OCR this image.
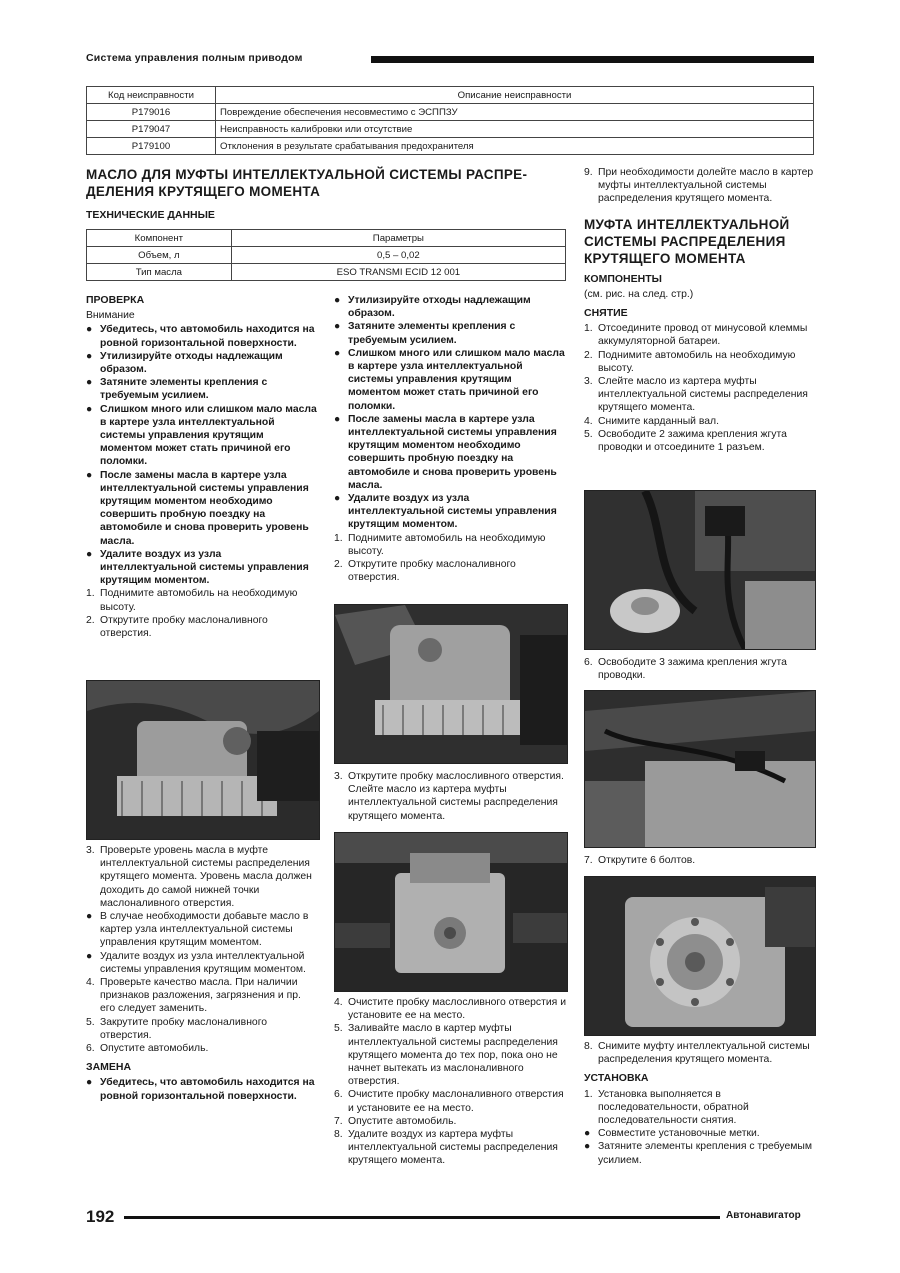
Система управления полным приводом
Код неисправности	Описание неисправности
P179016	Повреждение обеспечения несовместимо с ЭСППЗУ
P179047	Неисправность калибровки или отсутствие
P179100	Отклонения в результате срабатывания предохранителя
МАСЛО ДЛЯ МУФТЫ ИНТЕЛЛЕКТУАЛЬНОЙ СИСТЕМЫ РАСПРЕ-
ДЕЛЕНИЯ КРУТЯЩЕГО МОМЕНТА
ТЕХНИЧЕСКИЕ ДАННЫЕ
Компонент	Параметры
Объем, л	0,5 – 0,02
Тип масла	ESO TRANSMI ECID 12 001
ПРОВЕРКА

Внимание

● Убедитесь, что автомобиль находится на ровной горизонтальной поверхности.
● Утилизируйте отходы надлежащим образом.
● Затяните элементы крепления с требуемым усилием.
● Слишком много или слишком мало масла в картере узла интеллектуальной системы управления крутящим моментом может стать причиной его поломки.
● После замены масла в картере узла интеллектуальной системы управления крутящим моментом необходимо совершить пробную поездку на автомобиле и снова проверить уровень масла.
● Удалите воздух из узла интеллектуальной системы управления крутящим моментом.
1. Поднимите автомобиль на необходимую высоту.
2. Открутите пробку маслоналивного отверстия.
3. Проверьте уровень масла в муфте интеллектуальной системы распределения крутящего момента. Уровень масла должен доходить до самой нижней точки маслоналивного отверстия.
● В случае необходимости добавьте масло в картер узла интеллектуальной системы управления крутящим моментом.
● Удалите воздух из узла интеллектуальной системы управления крутящим моментом.
4. Проверьте качество масла. При наличии признаков разложения, загрязнения и пр. его следует заменить.
5. Закрутите пробку маслоналивного отверстия.
6. Опустите автомобиль.
ЗАМЕНА
● Убедитесь, что автомобиль находится на ровной горизонтальной поверхности.
● Утилизируйте отходы надлежащим образом.
● Затяните элементы крепления с требуемым усилием.
● Слишком много или слишком мало масла в картере узла интеллектуальной системы управления крутящим моментом может стать причиной его поломки.
● После замены масла в картере узла интеллектуальной системы управления крутящим моментом необходимо совершить пробную поездку на автомобиле и снова проверить уровень масла.
● Удалите воздух из узла интеллектуальной системы управления крутящим моментом.
1. Поднимите автомобиль на необходимую высоту.
2. Открутите пробку маслоналивного отверстия.
3. Открутите пробку маслосливного отверстия. Слейте масло из картера муфты интеллектуальной системы распределения крутящего момента.
4. Очистите пробку маслосливного отверстия и установите ее на место.
5. Заливайте масло в картер муфты интеллектуальной системы распределения крутящего момента до тех пор, пока оно не начнет вытекать из маслоналивного отверстия.
6. Очистите пробку маслоналивного отверстия и установите ее на место.
7. Опустите автомобиль.
8. Удалите воздух из картера муфты интеллектуальной системы распределения крутящего момента.
9. При необходимости долейте масло в картер муфты интеллектуальной системы распределения крутящего момента.
МУФТА ИНТЕЛЛЕКТУАЛЬНОЙ
СИСТЕМЫ РАСПРЕДЕЛЕНИЯ
КРУТЯЩЕГО МОМЕНТА
КОМПОНЕНТЫ

(см. рис. на след. стр.)

СНЯТИЕ
1. Отсоедините провод от минусовой клеммы аккумуляторной батареи.
2. Поднимите автомобиль на необходимую высоту.
3. Слейте масло из картера муфты интеллектуальной системы распределения крутящего момента.
4. Снимите карданный вал.
5. Освободите 2 зажима крепления жгута проводки и отсоедините 1 разъем.
6. Освободите 3 зажима крепления жгута проводки.
7. Открутите 6 болтов.
8. Снимите муфту интеллектуальной системы распределения крутящего момента.
УСТАНОВКА
1. Установка выполняется в последовательности, обратной последовательности снятия.
● Совместите установочные метки.
● Затяните элементы крепления с требуемым усилием.
192	Автонавигатор
